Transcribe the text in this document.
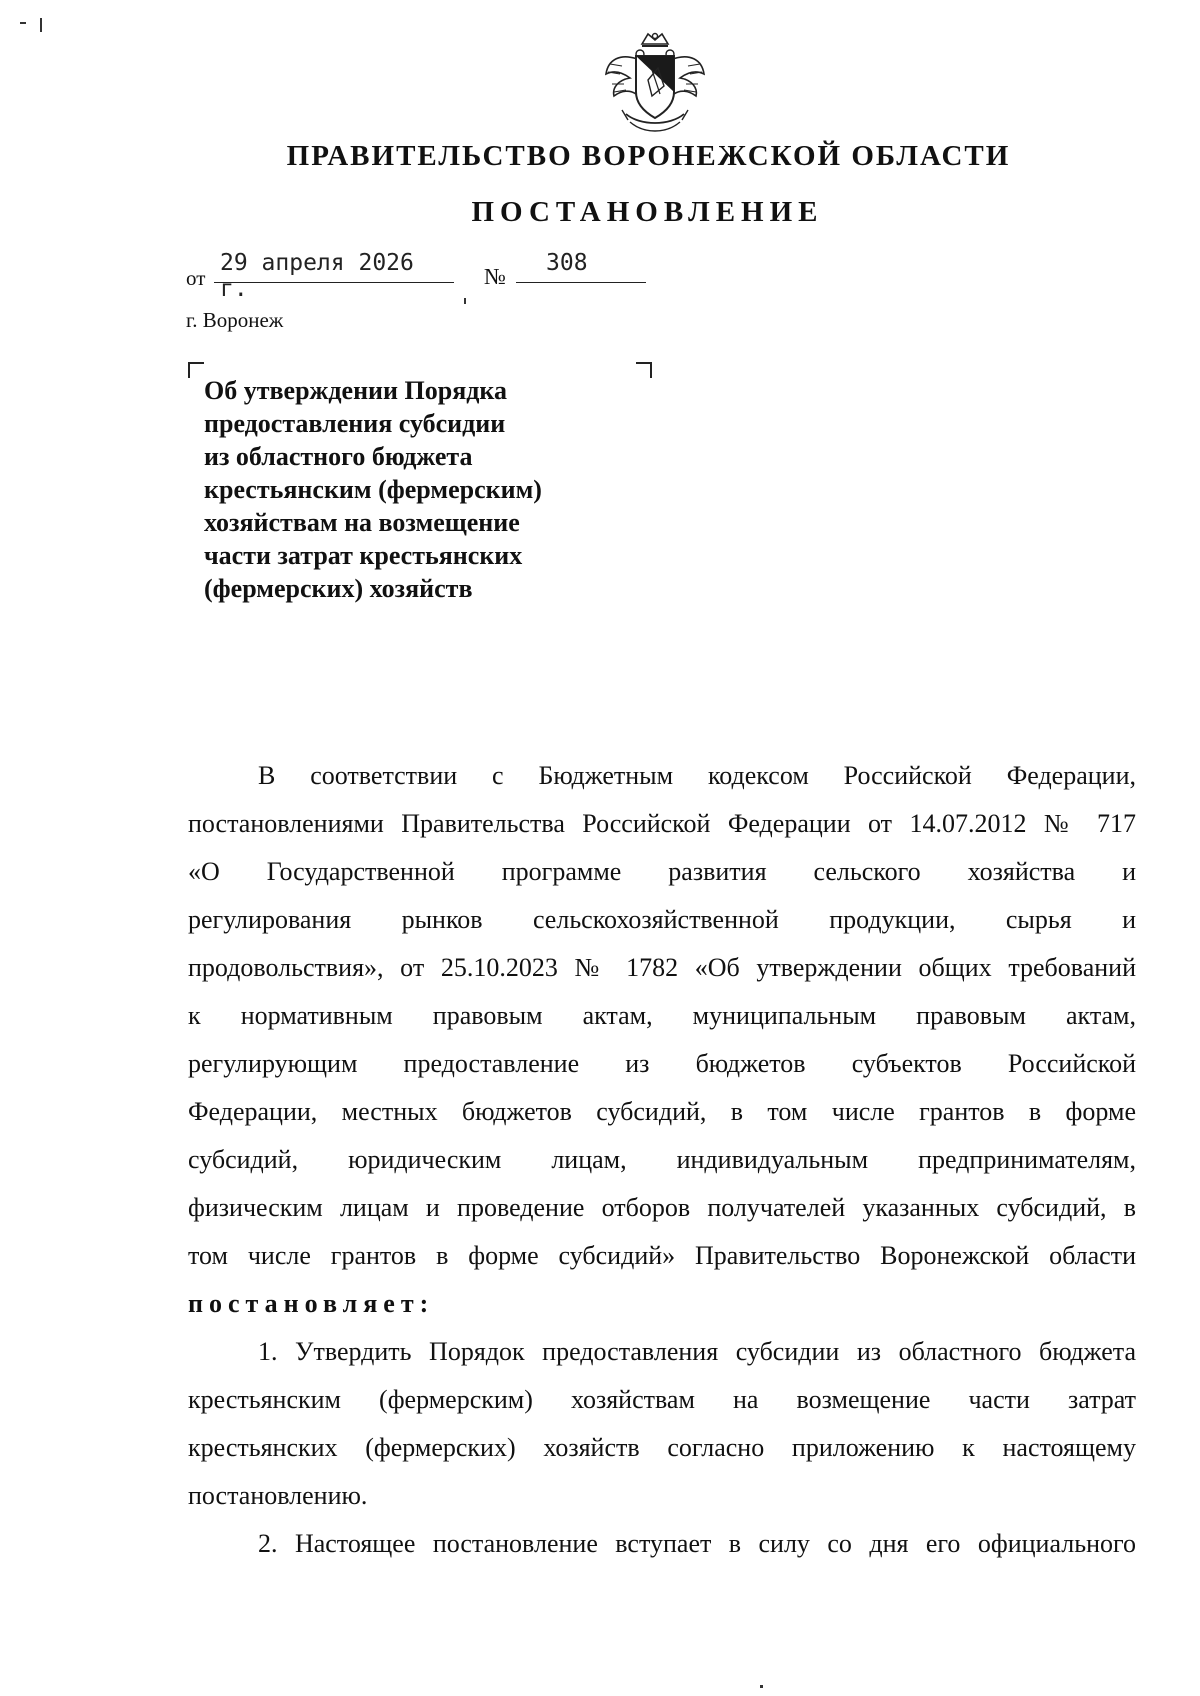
ПРАВИТЕЛЬСТВО ВОРОНЕЖСКОЙ ОБЛАСТИ
ПОСТАНОВЛЕНИЕ
от
29 апреля 2026 г.	№
308
г. Воронеж
Об утверждении Порядка
предоставления субсидии
из областного бюджета
крестьянским (фермерским)
хозяйствам на возмещение
части затрат крестьянских
(фермерских) хозяйств

В соответствии с Бюджетным кодексом Российской Федерации,
постановлениями Правительства Российской Федерации от 14.07.2012 № 717
«О Государственной программе развития сельского хозяйства и
регулирования рынков сельскохозяйственной продукции, сырья и
продовольствия», от 25.10.2023 № 1782 «Об утверждении общих требований
к нормативным правовым актам, муниципальным правовым актам,
регулирующим предоставление из бюджетов субъектов Российской
Федерации, местных бюджетов субсидий, в том числе грантов в форме
субсидий, юридическим лицам, индивидуальным предпринимателям,
физическим лицам и проведение отборов получателей указанных субсидий, в
том числе грантов в форме субсидий» Правительство Воронежской области
постановляет:

1. Утвердить Порядок предоставления субсидии из областного бюджета
крестьянским (фермерским) хозяйствам на возмещение части затрат
крестьянских (фермерских) хозяйств согласно приложению к настоящему
постановлению.

2. Настоящее постановление вступает в силу со дня его официального
